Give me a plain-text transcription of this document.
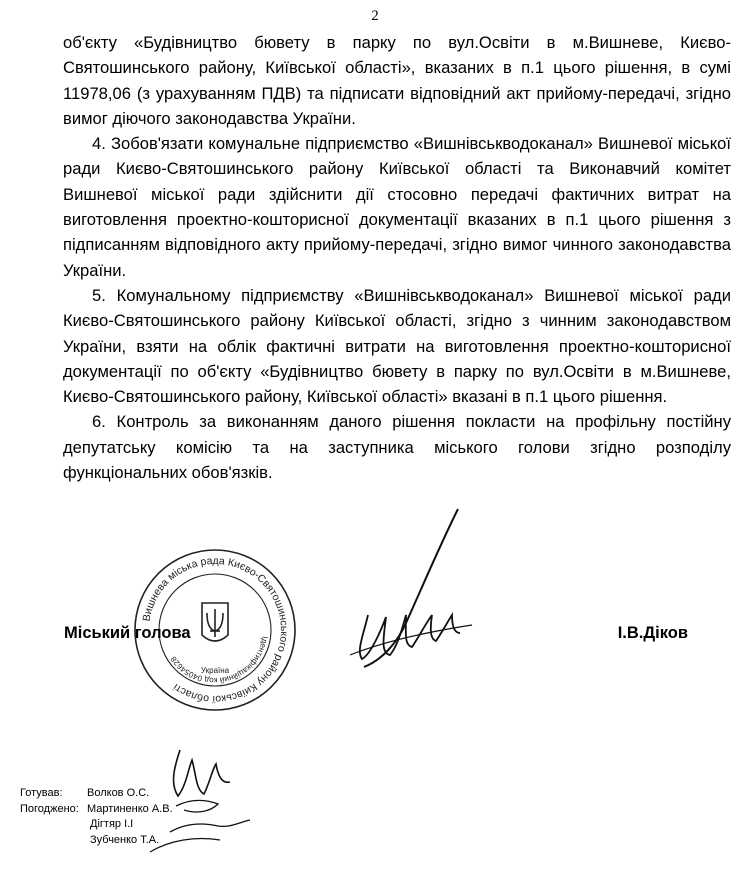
2

об'єкту «Будівництво бювету в парку по вул.Освіти в м.Вишневе, Києво-Святошинського району, Київської області», вказаних в п.1 цього рішення, в сумі 11978,06 (з урахуванням ПДВ) та підписати відповідний акт прийому-передачі, згідно вимог діючого законодавства України.

4. Зобов'язати комунальне підприємство «Вишнівськводоканал» Вишневої міської ради Києво-Святошинського району Київської області та Виконавчий комітет Вишневої міської ради здійснити дії стосовно передачі фактичних витрат на виготовлення проектно-кошторисної документації вказаних в п.1 цього рішення з підписанням відповідного акту прийому-передачі, згідно вимог чинного законодавства України.

5. Комунальному підприємству «Вишнівськводоканал» Вишневої міської ради Києво-Святошинського району Київської області, згідно з чинним законодавством України, взяти на облік фактичні витрати на виготовлення проектно-кошторисної документації по об'єкту «Будівництво бювету в парку по вул.Освіти в м.Вишневе, Києво-Святошинського району, Київської області» вказані в п.1 цього рішення.

6. Контроль за виконанням даного рішення покласти на профільну постійну депутатську комісію та на заступника міського голови згідно розподілу функціональних обов'язків.

Вишнева міська рада Києво-Святошинського району Київської області
Ідентифікаційний код 04054628
Україна
Міський голова	І.В.Діков
Готував: Волков О.С.
Погоджено: Мартиненко А.В.
Дігтяр І.І
Зубченко Т.А.
